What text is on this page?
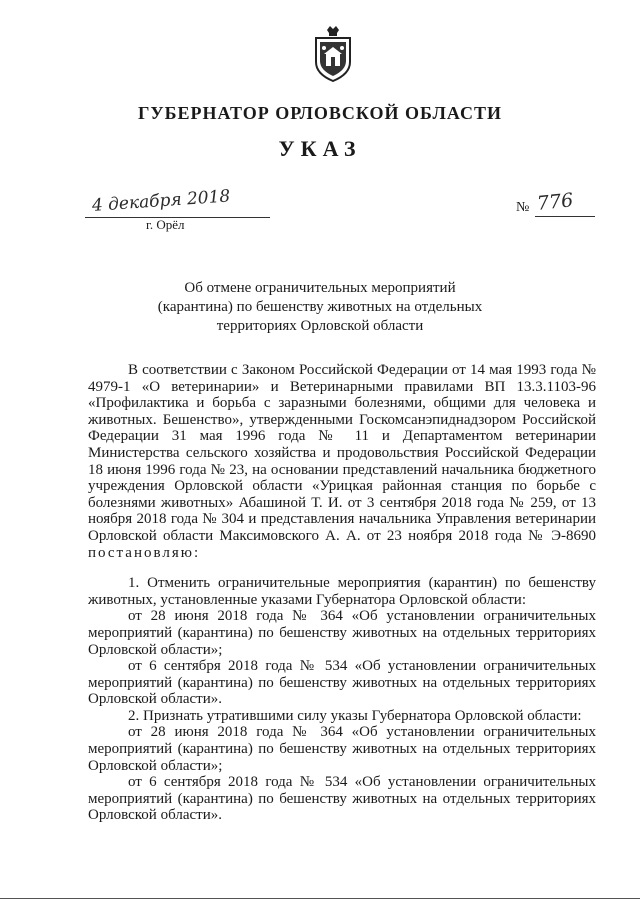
ГУБЕРНАТОР ОРЛОВСКОЙ ОБЛАСТИ
УКАЗ
4 декабря 2018
г. Орёл
№ 776
Об отмене ограничительных мероприятий
(карантина) по бешенству животных на отдельных
территориях Орловской области

В соответствии с Законом Российской Федерации от 14 мая 1993 года № 4979-1 «О ветеринарии» и Ветеринарными правилами ВП 13.3.1103-96 «Профилактика и борьба с заразными болезнями, общими для человека и животных. Бешенство», утвержденными Госкомсанэпиднадзором Российской Федерации 31 мая 1996 года № 11 и Департаментом ветеринарии Министерства сельского хозяйства и продовольствия Российской Федерации 18 июня 1996 года № 23, на основании представлений начальника бюджетного учреждения Орловской области «Урицкая районная станция по борьбе с болезнями животных» Абашиной Т. И. от 3 сентября 2018 года № 259, от 13 ноября 2018 года № 304 и представления начальника Управления ветеринарии Орловской области Максимовского А. А. от 23 ноября 2018 года № Э-8690 постановляю:

1. Отменить ограничительные мероприятия (карантин) по бешенству животных, установленные указами Губернатора Орловской области:

от 28 июня 2018 года № 364 «Об установлении ограничительных мероприятий (карантина) по бешенству животных на отдельных территориях Орловской области»;

от 6 сентября 2018 года № 534 «Об установлении ограничительных мероприятий (карантина) по бешенству животных на отдельных территориях Орловской области».

2. Признать утратившими силу указы Губернатора Орловской области:

от 28 июня 2018 года № 364 «Об установлении ограничительных мероприятий (карантина) по бешенству животных на отдельных территориях Орловской области»;

от 6 сентября 2018 года № 534 «Об установлении ограничительных мероприятий (карантина) по бешенству животных на отдельных территориях Орловской области».
